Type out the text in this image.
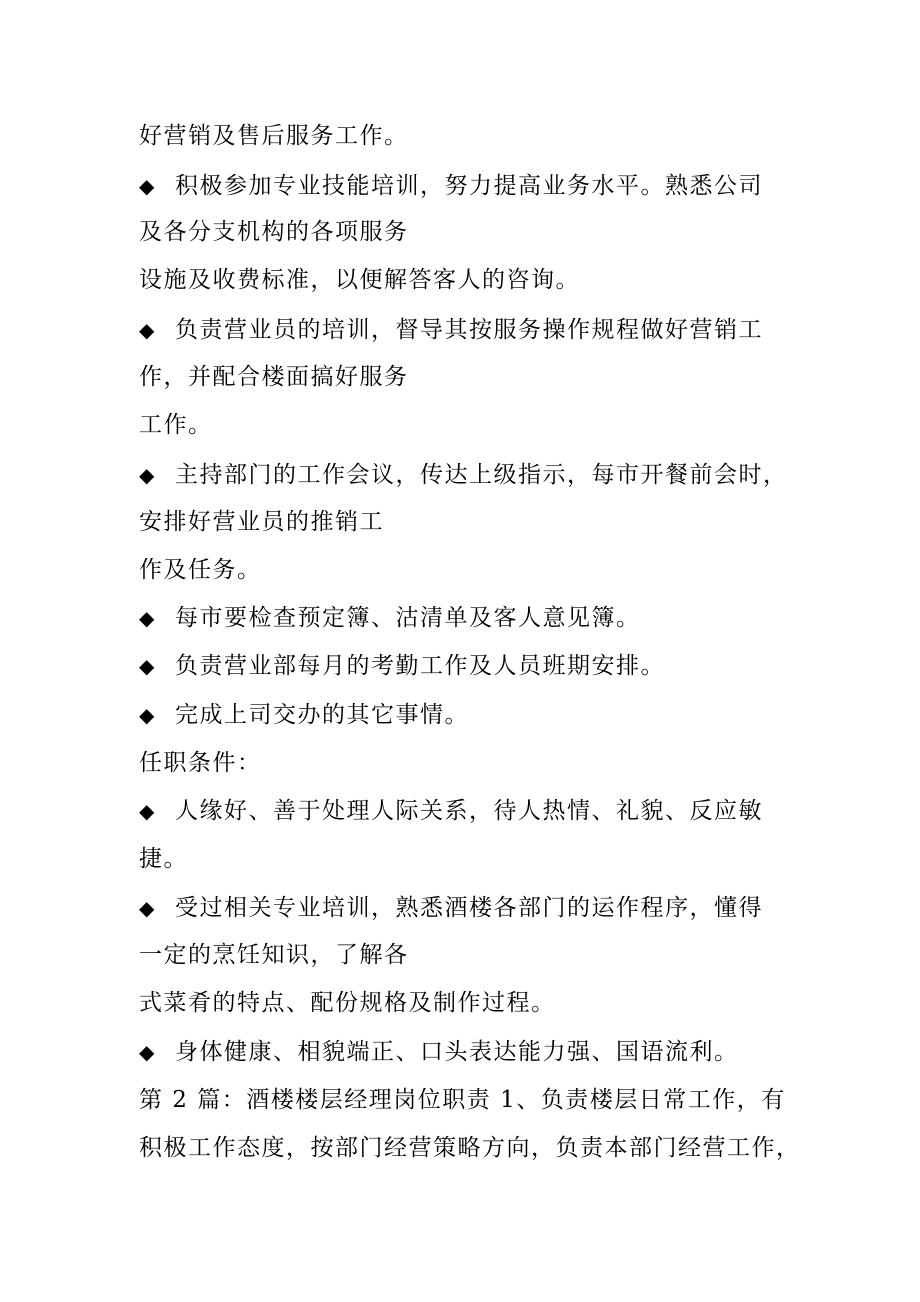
好营销及售后服务工作。
◆ 积极参加专业技能培训，努力提高业务水平。熟悉公司
及各分支机构的各项服务
设施及收费标准，以便解答客人的咨询。
◆ 负责营业员的培训，督导其按服务操作规程做好营销工
作，并配合楼面搞好服务
工作。
◆ 主持部门的工作会议，传达上级指示，每市开餐前会时，
安排好营业员的推销工
作及任务。
◆ 每市要检查预定簿、沽清单及客人意见簿。
◆ 负责营业部每月的考勤工作及人员班期安排。
◆ 完成上司交办的其它事情。
任职条件：
◆ 人缘好、善于处理人际关系，待人热情、礼貌、反应敏
捷。
◆ 受过相关专业培训，熟悉酒楼各部门的运作程序，懂得
一定的烹饪知识，了解各
式菜肴的特点、配份规格及制作过程。
◆ 身体健康、相貌端正、口头表达能力强、国语流利。
第 2 篇：酒楼楼层经理岗位职责 1、负责楼层日常工作，有
积极工作态度，按部门经营策略方向，负责本部门经营工作，
